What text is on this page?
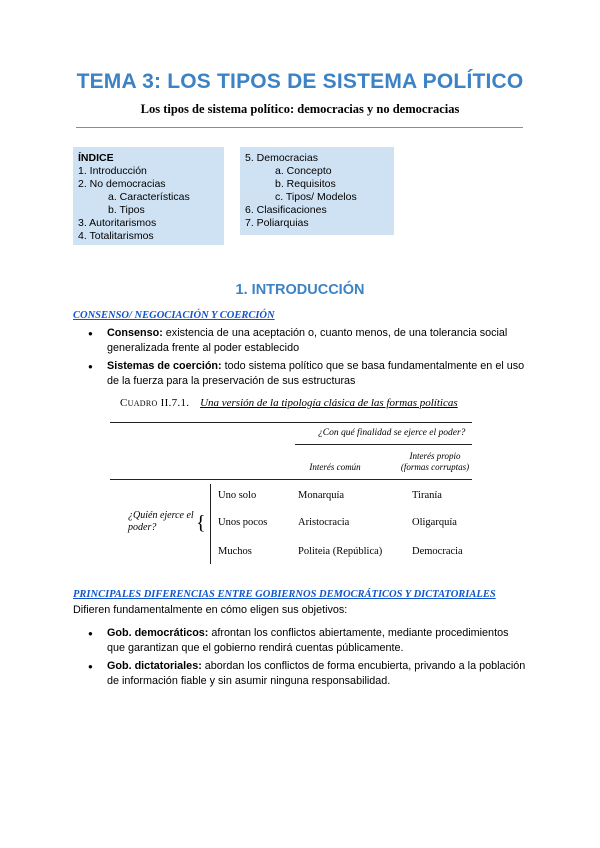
TEMA 3: LOS TIPOS DE SISTEMA POLÍTICO
Los tipos de sistema político: democracias y no democracias
ÍNDICE
1. Introducción
2. No democracias
a. Características
b. Tipos
3. Autoritarismos
4. Totalitarismos
5. Democracias
a. Concepto
b. Requisitos
c. Tipos/ Modelos
6. Clasificaciones
7. Poliarquias
1. INTRODUCCIÓN
CONSENSO/ NEGOCIACIÓN Y COERCIÓN
● Consenso: existencia de una aceptación o, cuanto menos, de una tolerancia social generalizada frente al poder establecido
● Sistemas de coerción: todo sistema político que se basa fundamentalmente en el uso de la fuerza para la preservación de sus estructuras
Cuadro II.7.1. Una versión de la tipología clásica de las formas políticas
¿Con qué finalidad se ejerce el poder?
Interés común
Interés propio (formas corruptas)
¿Quién ejerce el poder?	{
Uno solo	Monarquía	Tiranía
Unos pocos	Aristocracia	Oligarquía
Muchos	Politeia (República)	Democracia
PRINCIPALES DIFERENCIAS ENTRE GOBIERNOS DEMOCRÁTICOS Y DICTATORIALES
Difieren fundamentalmente en cómo eligen sus objetivos:
● Gob. democráticos: afrontan los conflictos abiertamente, mediante procedimientos que garantizan que el gobierno rendirá cuentas públicamente.
● Gob. dictatoriales: abordan los conflictos de forma encubierta, privando a la población de información fiable y sin asumir ninguna responsabilidad.
